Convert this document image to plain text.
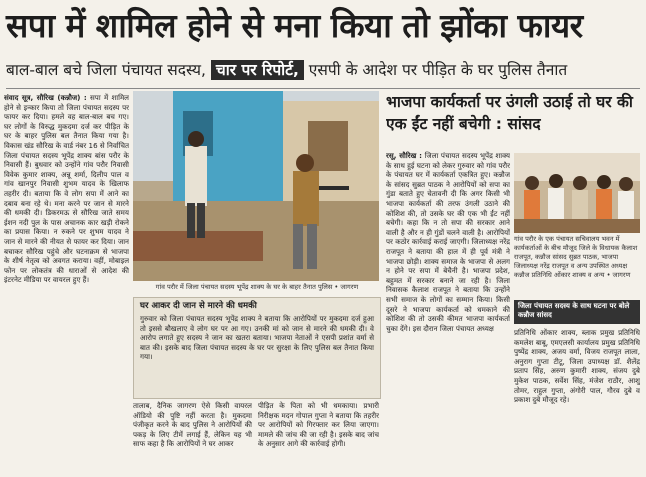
सपा में शामिल होने से मना किया तो झोंका फायर
बाल-बाल बचे जिला पंचायत सदस्य, चार पर रिपोर्ट, एसपी के आदेश पर पीड़ित के घर पुलिस तैनात
संवाद सूत्र, सौरिख (कन्नौज) : सपा में शामिल होने से इन्कार किया तो जिला पंचायत सदस्य पर फायर कर दिया। हमले वह बाल-बाल बच गए। घर लोगों के विरुद्ध मुकदमा दर्ज कर पीड़ित के घर के बाहर पुलिस बल तैनात किया गया है। विकास खंड सौरिख के वार्ड नंबर 16 से निर्वाचित जिला पंचायत सदस्य भूपेंद्र शाक्य बांस परौर के निवासी हैं। बुधवार को उन्होंने गांव परौर निवासी विवेक कुमार शाक्य, अन्नू शर्मा, दिलीप पाल व गांव खानपुर निवासी शुभम यादव के खिलाफ तहरीर दी। बताया कि वे लोग सपा में आने का दबाव बना रहे थे। मना करने पर जान से मारने की धमकी दी। डिकरमऊ से सौरिख जाते समय ईशन नदी पुल के पास अचानक कार खड़ी रोकने का प्रयास किया। न रुकने पर शुभम यादव ने जान से मारने की नीयत से फायर कर दिया। जान बचाकर सौरिख पहुंचे और घटनाक्रम से भाजपा के शीर्ष नेतृत्व को अवगत कराया। वहीं, मोबाइल फोन पर लोकतंत्र की धाराओं से आदेश की इंटरनेट मीडिया पर वायरल हुए हैं।
गांव परौर में जिला पंचायत सदस्य भूपेंद्र शाक्य के घर के बाहर तैनात पुलिस • जागरण
घर आकर दी जान से मारने की धमकी
गुरुवार को जिला पंचायत सदस्य भूपेंद्र शाक्य ने बताया कि आरोपियों पर मुकदमा दर्ज हुआ तो इससे बौखलाए वे लोग घर पर आ गए। उनकी मां को जान से मारने की धमकी दी। वे आरोप लगाते हुए सदस्य ने जान का खतरा बताया। भाजपा नेताओं ने एसपी प्रशांत वर्मा से बात की। इसके बाद जिला पंचायत सदस्य के घर पर सुरक्षा के लिए पुलिस बल तैनात किया गया।
तालाब, दैनिक जागरण ऐसे किसी वायरल ऑडियो की पुष्टि नहीं करता है। मुकदमा पंजीकृत करने के बाद पुलिस ने आरोपियों की पकड़ के लिए टीमें लगाई हैं, लेकिन यह भी साफ कहा है कि आरोपियों ने घर आकर
पीड़ित के पिता को भी धमकाया। प्रभारी निरीक्षक मदन गोपाल गुप्ता ने बताया कि तहरीर पर आरोपियों को गिरफ्तार कर लिया जाएगा। मामले की जांच की जा रही है। इसके बाद जांच के अनुसार आगे की कार्रवाई होगी।
भाजपा कार्यकर्ता पर उंगली उठाई तो घर की एक ईंट नहीं बचेगी : सांसद
रसू, सौरिख : जिला पंचायत सदस्य भूपेंद्र शाक्य के साथ हुई घटना को लेकर गुरुवार को गांव परौर के पंचायत घर में कार्यकर्ता एकत्रित हुए। कन्नौज के सांसद सुब्रत पाठक ने आरोपियों को सपा का गुंडा बताते हुए चेतावनी दी कि अगर किसी भी भाजपा कार्यकर्ता की तरफ उंगली उठाने की कोशिश की, तो उसके घर की एक भी ईंट नहीं बचेगी। कहा कि न तो सपा की सरकार आने वाली है और न ही गुंडों चलने वाली है। आरोपियों पर कठोर कार्रवाई कराई जाएगी। जिलाध्यक्ष नरेंद्र राजपूत ने बताया की हाल में ही पूर्व मंत्री ने भाजपा छोड़ी। शाक्य समाज के भाजपा से अलग न होने पर सपा में बेचैनी है। भाजपा प्रदेश, बहुमत में सरकार बनाने जा रही है। जिला निवासक कैलाश राजपूत ने बताया कि उन्होंने सभी समाज के लोगों का सम्मान किया। किसी दूसरे ने भाजपा कार्यकर्ता को धमकाने की कोशिश की तो उसकी कीमत भाजपा कार्यकर्ता चुका देंगे। इस दौरान जिला पंचायत अध्यक्ष
गांव परौर के एक पंचायत सचिवालय भवन में कार्यकर्ताओं के बीच मौजूद जिले के विधायक कैलाश राजपूत, कन्नौज सांसद सुब्रत पाठक, भाजपा जिलाध्यक्ष नरेंद्र राजपूत व अन्य उपस्थित अध्यक्ष कन्नौज प्रतिनिधि ओंकार शाक्य व अन्य • जागरण
जिला पंचायत सदस्य के साथ घटना पर बोले कन्नौज सांसद
प्रतिनिधि ओंकार शाक्य, ब्लाक प्रमुख प्रतिनिधि कमलेश बाबू, एमएलसी कार्यालय प्रमुख प्रतिनिधि पुष्पेंद्र शाक्य, अजय वर्मा, विजय राजपूत लाला, अनुराग गुप्ता टीटू, जिला उपाध्यक्ष डॉ. शैलेंद्र प्रताप सिंह, अरुण कुमारी शाक्य, संजय दुबे मुकेश पाठक, सर्वेश सिंह, मंजेश राठौर, आशु तोमर, राहुल गुप्ता, अंगोरी पाल, गौरव दुबे व प्रकाश दुबे मौजूद रहे।
